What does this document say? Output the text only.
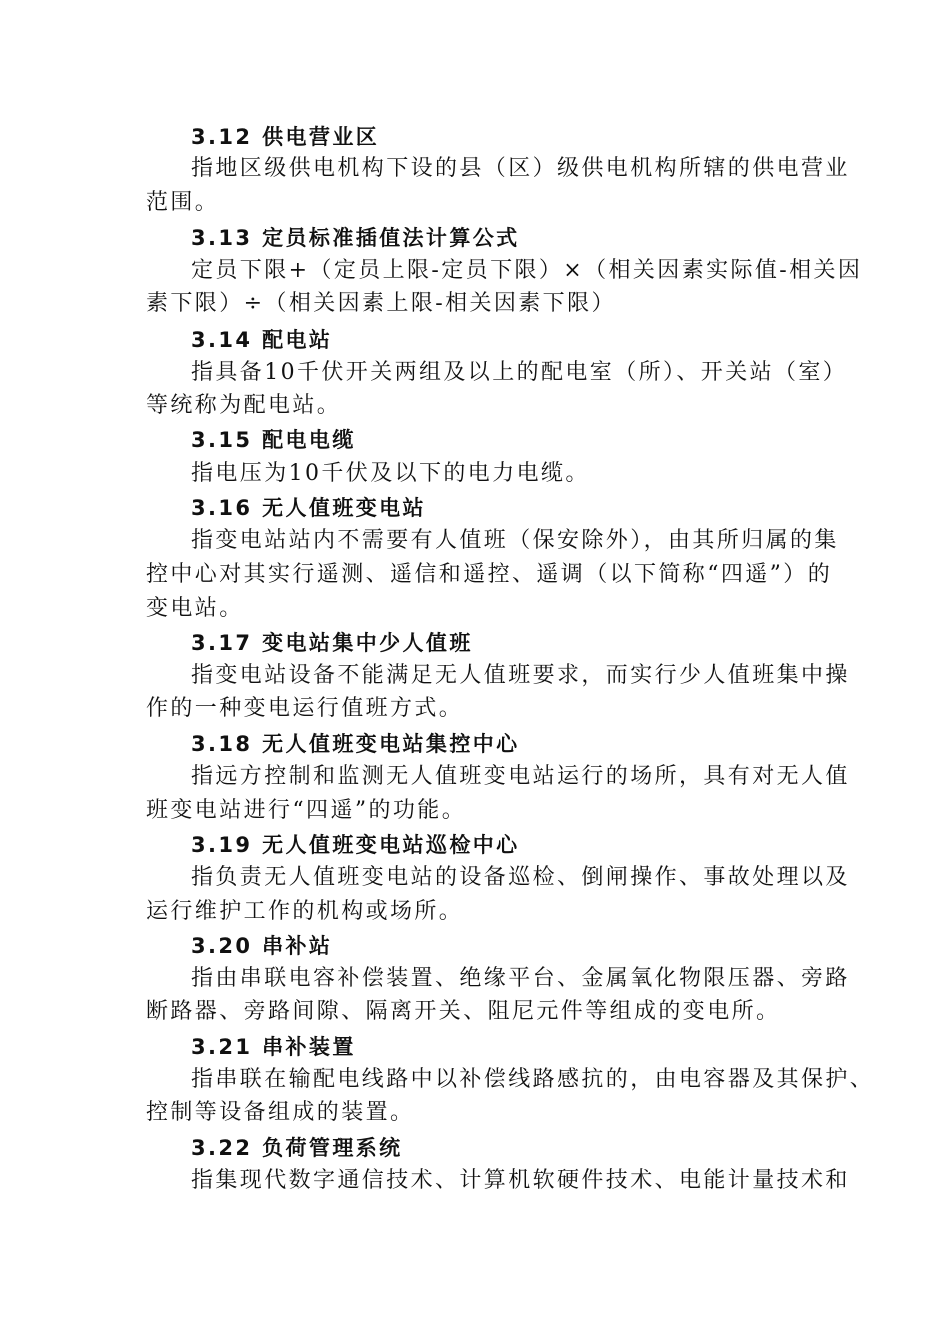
3.12 供电营业区
指地区级供电机构下设的县（区）级供电机构所辖的供电营业
范围。
3.13 定员标准插值法计算公式
定员下限+（定员上限-定员下限）×（相关因素实际值-相关因
素下限）÷（相关因素上限-相关因素下限）
3.14 配电站
指具备10千伏开关两组及以上的配电室（所）、开关站（室）
等统称为配电站。
3.15 配电电缆
指电压为10千伏及以下的电力电缆。
3.16 无人值班变电站
指变电站站内不需要有人值班（保安除外），由其所归属的集
控中心对其实行遥测、遥信和遥控、遥调（以下简称“四遥”）的
变电站。
3.17 变电站集中少人值班
指变电站设备不能满足无人值班要求，而实行少人值班集中操
作的一种变电运行值班方式。
3.18 无人值班变电站集控中心
指远方控制和监测无人值班变电站运行的场所，具有对无人值
班变电站进行“四遥”的功能。
3.19 无人值班变电站巡检中心
指负责无人值班变电站的设备巡检、倒闸操作、事故处理以及
运行维护工作的机构或场所。
3.20 串补站
指由串联电容补偿装置、绝缘平台、金属氧化物限压器、旁路
断路器、旁路间隙、隔离开关、阻尼元件等组成的变电所。
3.21 串补装置
指串联在输配电线路中以补偿线路感抗的，由电容器及其保护、
控制等设备组成的装置。
3.22 负荷管理系统
指集现代数字通信技术、计算机软硬件技术、电能计量技术和
